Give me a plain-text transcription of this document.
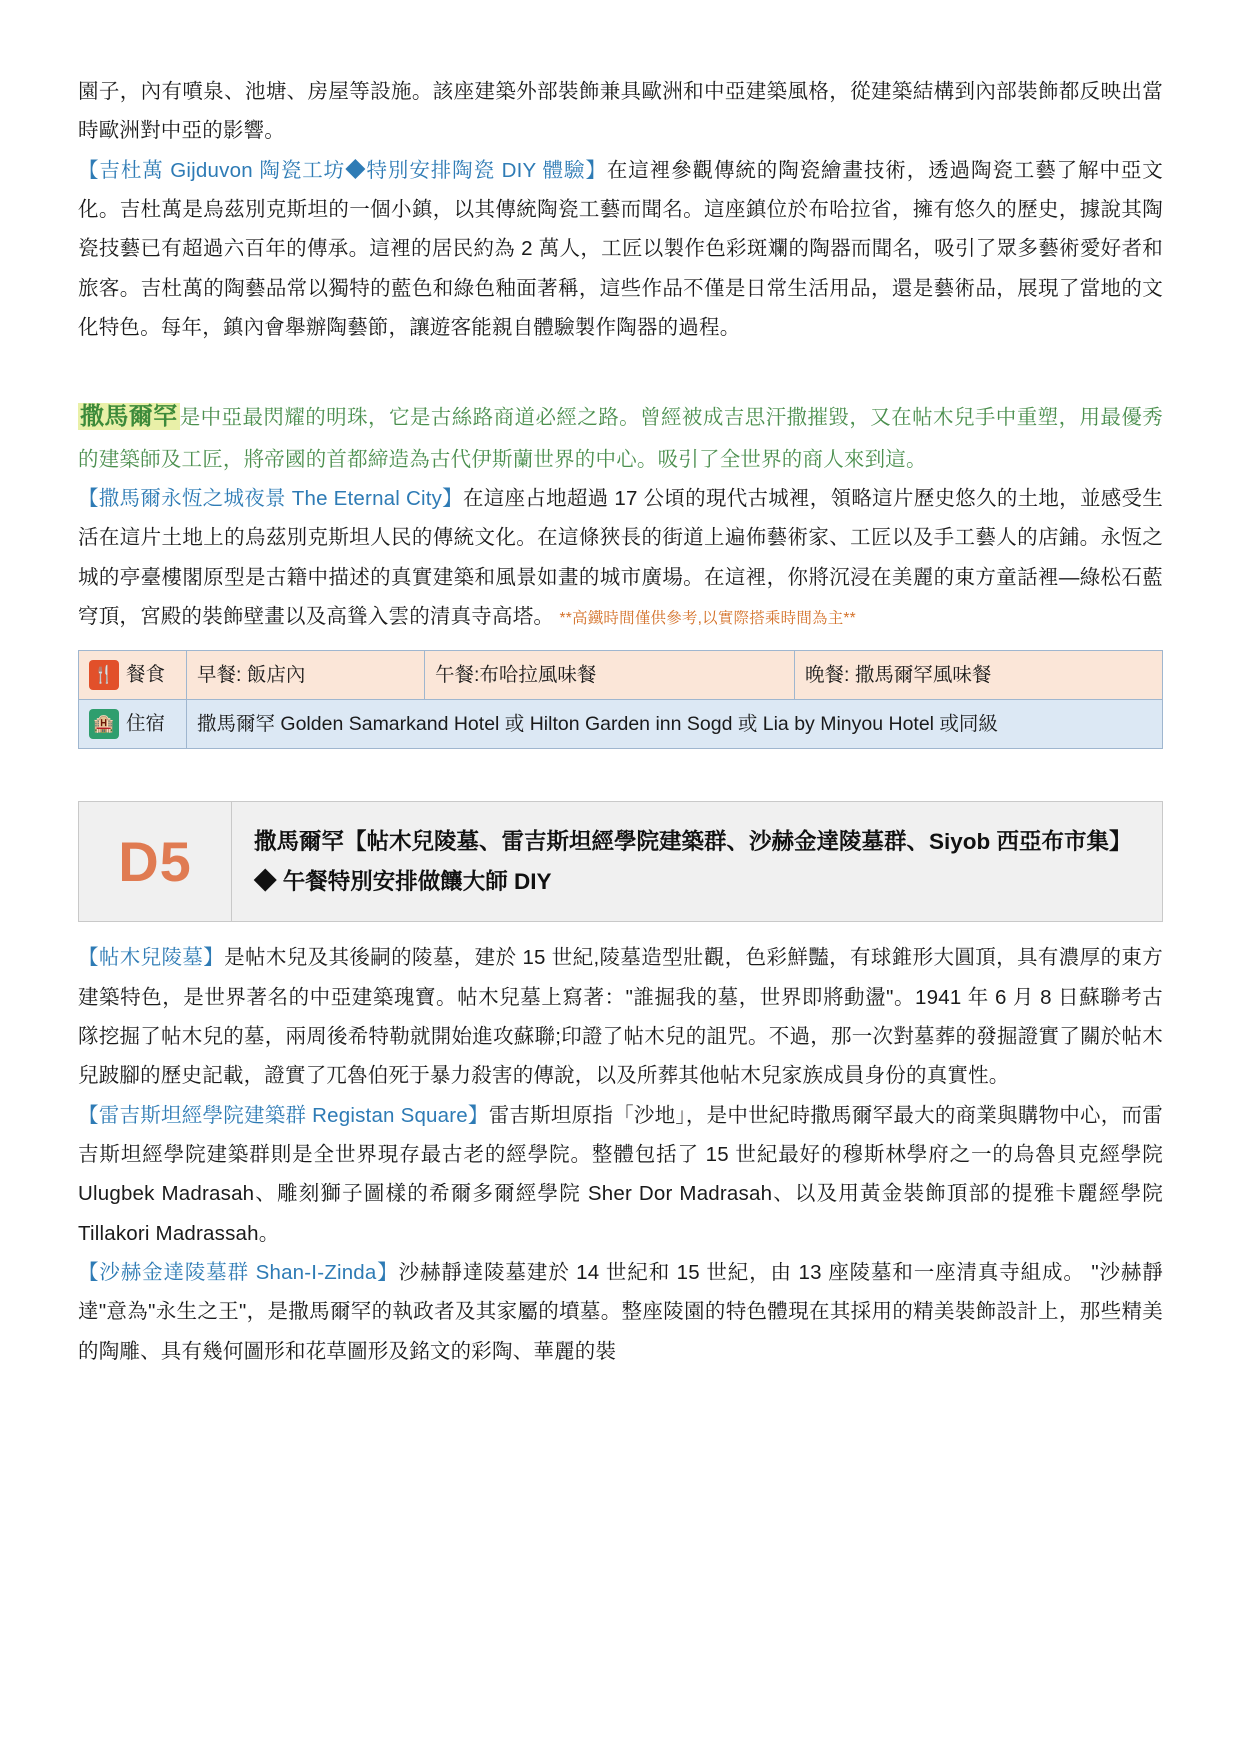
園子，內有噴泉、池塘、房屋等設施。該座建築外部裝飾兼具歐洲和中亞建築風格，從建築結構到內部裝飾都反映出當時歐洲對中亞的影響。

【吉杜萬 Gijduvon 陶瓷工坊◆特別安排陶瓷 DIY 體驗】在這裡參觀傳統的陶瓷繪畫技術，透過陶瓷工藝了解中亞文化。吉杜萬是烏茲別克斯坦的一個小鎮，以其傳統陶瓷工藝而聞名。這座鎮位於布哈拉省，擁有悠久的歷史，據說其陶瓷技藝已有超過六百年的傳承。這裡的居民約為 2 萬人，工匠以製作色彩斑斕的陶器而聞名，吸引了眾多藝術愛好者和旅客。吉杜萬的陶藝品常以獨特的藍色和綠色釉面著稱，這些作品不僅是日常生活用品，還是藝術品，展現了當地的文化特色。每年，鎮內會舉辦陶藝節，讓遊客能親自體驗製作陶器的過程。

撒馬爾罕是中亞最閃耀的明珠，它是古絲路商道必經之路。曾經被成吉思汗撒摧毀，又在帖木兒手中重塑，用最優秀的建築師及工匠，將帝國的首都締造為古代伊斯蘭世界的中心。吸引了全世界的商人來到這。

【撒馬爾永恆之城夜景 The Eternal City】在這座占地超過 17 公頃的現代古城裡，領略這片歷史悠久的土地，並感受生活在這片土地上的烏茲別克斯坦人民的傳統文化。在這條狹長的街道上遍佈藝術家、工匠以及手工藝人的店鋪。永恆之城的亭臺樓閣原型是古籍中描述的真實建築和風景如畫的城市廣場。在這裡，你將沉浸在美麗的東方童話裡—綠松石藍穹頂，宮殿的裝飾壁畫以及高聳入雲的清真寺高塔。　**高鐵時間僅供參考,以實際搭乘時間為主**

🍴 餐食	早餐: 飯店內	午餐:布哈拉風味餐	晚餐: 撒馬爾罕風味餐
🏨 住宿	撒馬爾罕 Golden Samarkand Hotel 或 Hilton Garden inn Sogd 或 Lia by Minyou Hotel 或同級		
D5	撒馬爾罕【帖木兒陵墓、雷吉斯坦經學院建築群、沙赫金達陵墓群、Siyob 西亞布市集】 ◆ 午餐特別安排做饟大師 DIY

【帖木兒陵墓】是帖木兒及其後嗣的陵墓，建於 15 世紀,陵墓造型壯觀，色彩鮮豔，有球錐形大圓頂，具有濃厚的東方建築特色，是世界著名的中亞建築瑰寶。帖木兒墓上寫著："誰掘我的墓，世界即將動盪"。1941 年 6 月 8 日蘇聯考古隊挖掘了帖木兒的墓，兩周後希特勒就開始進攻蘇聯;印證了帖木兒的詛咒。不過，那一次對墓葬的發掘證實了關於帖木兒跛腳的歷史記載，證實了兀魯伯死于暴力殺害的傳說，以及所葬其他帖木兒家族成員身份的真實性。

【雷吉斯坦經學院建築群 Registan Square】雷吉斯坦原指「沙地」，是中世紀時撒馬爾罕最大的商業與購物中心，而雷吉斯坦經學院建築群則是全世界現存最古老的經學院。整體包括了 15 世紀最好的穆斯林學府之一的烏魯貝克經學院 Ulugbek Madrasah、雕刻獅子圖樣的希爾多爾經學院 Sher Dor Madrasah、以及用黃金裝飾頂部的提雅卡麗經學院 Tillakori Madrassah。

【沙赫金達陵墓群 Shan-I-Zinda】沙赫靜達陵墓建於 14 世紀和 15 世紀，由 13 座陵墓和一座清真寺組成。 "沙赫靜達"意為"永生之王"，是撒馬爾罕的執政者及其家屬的墳墓。整座陵園的特色體現在其採用的精美裝飾設計上，那些精美的陶雕、具有幾何圖形和花草圖形及銘文的彩陶、華麗的裝
